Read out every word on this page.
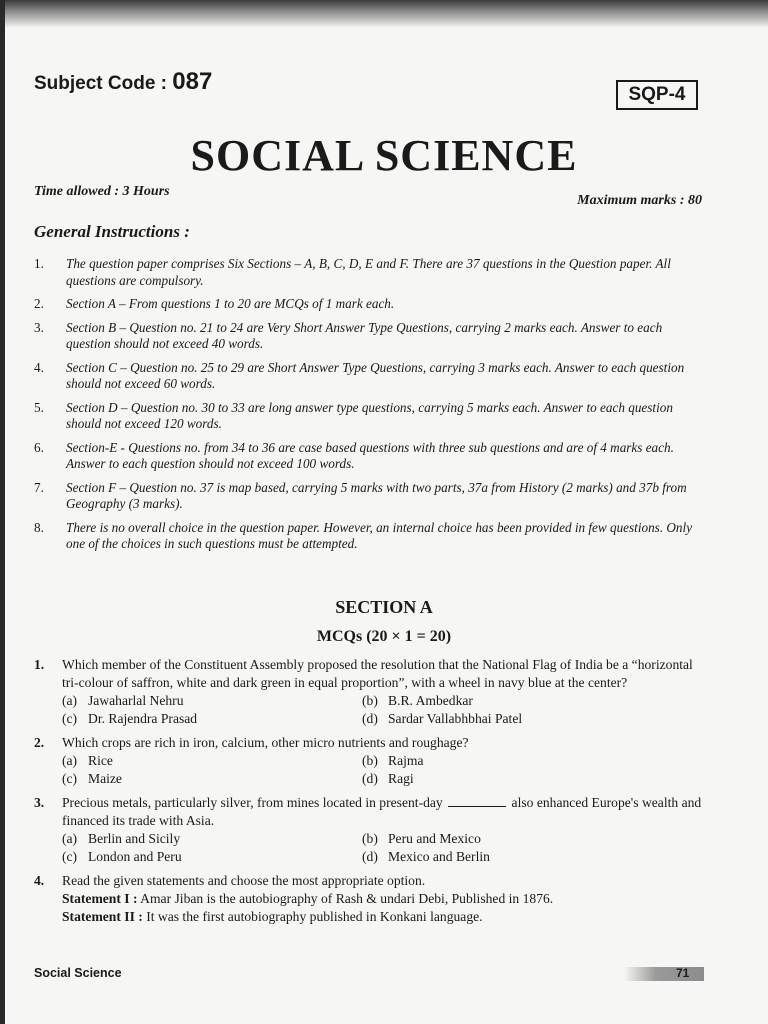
Subject Code : 087	SQP-4
SOCIAL SCIENCE
Time allowed : 3 Hours
Maximum marks : 80
General Instructions :
1.	The question paper comprises Six Sections – A, B, C, D, E and F. There are 37 questions in the Question paper. All questions are compulsory.
2.	Section A – From questions 1 to 20 are MCQs of 1 mark each.
3.	Section B – Question no. 21 to 24 are Very Short Answer Type Questions, carrying 2 marks each. Answer to each question should not exceed 40 words.
4.	Section C – Question no. 25 to 29 are Short Answer Type Questions, carrying 3 marks each. Answer to each question should not exceed 60 words.
5.	Section D – Question no. 30 to 33 are long answer type questions, carrying 5 marks each. Answer to each question should not exceed 120 words.
6.	Section-E - Questions no. from 34 to 36 are case based questions with three sub questions and are of 4 marks each. Answer to each question should not exceed 100 words.
7.	Section F – Question no. 37 is map based, carrying 5 marks with two parts, 37a from History (2 marks) and 37b from Geography (3 marks).
8.	There is no overall choice in the question paper. However, an internal choice has been provided in few questions. Only one of the choices in such questions must be attempted.
SECTION A
MCQs (20 × 1 = 20)
1.	Which member of the Constituent Assembly proposed the resolution that the National Flag of India be a “horizontal tri-colour of saffron, white and dark green in equal proportion”, with a wheel in navy blue at the center?
(a) Jawaharlal Nehru	(b) B.R. Ambedkar
(c) Dr. Rajendra Prasad	(d) Sardar Vallabhbhai Patel
2.	Which crops are rich in iron, calcium, other micro nutrients and roughage?
(a) Rice	(b) Rajma
(c) Maize	(d) Ragi
3.	Precious metals, particularly silver, from mines located in present-day	also enhanced Europe's wealth and financed its trade with Asia.
(a) Berlin and Sicily	(b) Peru and Mexico
(c) London and Peru	(d) Mexico and Berlin
4.	Read the given statements and choose the most appropriate option.
Statement I : Amar Jiban is the autobiography of Rash & undari Debi, Published in 1876.
Statement II : It was the first autobiography published in Konkani language.
Social Science	71
